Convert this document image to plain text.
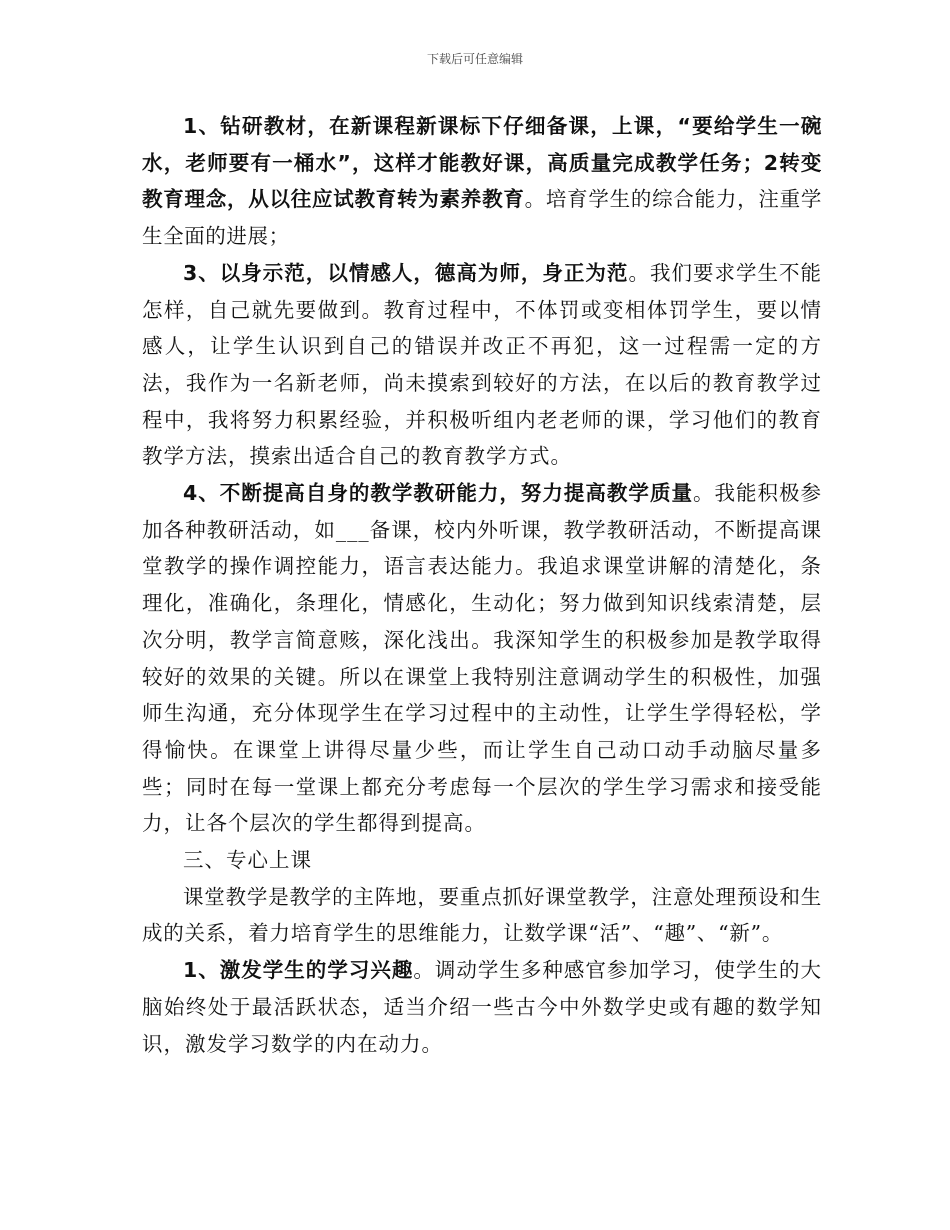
下载后可任意编辑

1、钻研教材，在新课程新课标下仔细备课，上课，“要给学生一碗水，老师要有一桶水”，这样才能教好课，高质量完成教学任务；2转变教育理念，从以往应试教育转为素养教育。培育学生的综合能力，注重学生全面的进展；

3、以身示范，以情感人，德高为师，身正为范。我们要求学生不能怎样，自己就先要做到。教育过程中，不体罚或变相体罚学生，要以情感人，让学生认识到自己的错误并改正不再犯，这一过程需一定的方法，我作为一名新老师，尚未摸索到较好的方法，在以后的教育教学过程中，我将努力积累经验，并积极听组内老老师的课，学习他们的教育教学方法，摸索出适合自己的教育教学方式。

4、不断提高自身的教学教研能力，努力提高教学质量。我能积极参加各种教研活动，如___备课，校内外听课，教学教研活动，不断提高课堂教学的操作调控能力，语言表达能力。我追求课堂讲解的清楚化，条理化，准确化，条理化，情感化，生动化；努力做到知识线索清楚，层次分明，教学言简意赅，深化浅出。我深知学生的积极参加是教学取得较好的效果的关键。所以在课堂上我特别注意调动学生的积极性，加强师生沟通，充分体现学生在学习过程中的主动性，让学生学得轻松，学得愉快。在课堂上讲得尽量少些，而让学生自己动口动手动脑尽量多些；同时在每一堂课上都充分考虑每一个层次的学生学习需求和接受能力，让各个层次的学生都得到提高。

三、专心上课

课堂教学是教学的主阵地，要重点抓好课堂教学，注意处理预设和生成的关系，着力培育学生的思维能力，让数学课“活”、“趣”、“新”。

1、激发学生的学习兴趣。调动学生多种感官参加学习，使学生的大脑始终处于最活跃状态，适当介绍一些古今中外数学史或有趣的数学知识，激发学习数学的内在动力。
